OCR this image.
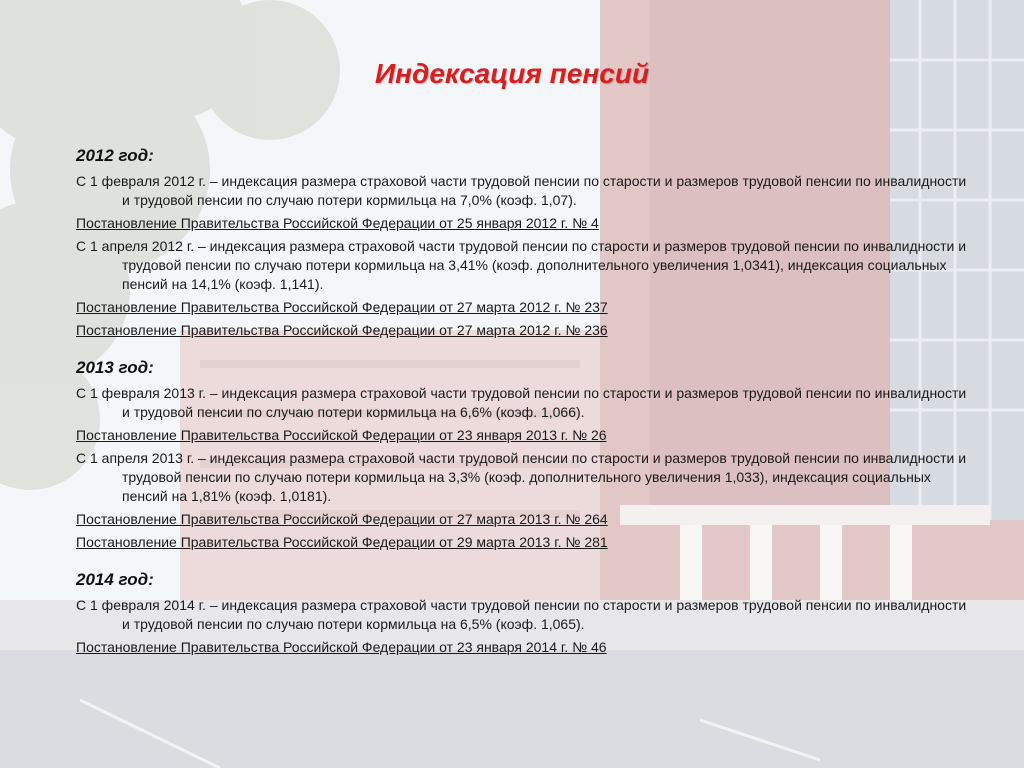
Индексация пенсий
2012 год:
С 1 февраля 2012 г. – индексация размера страховой части трудовой пенсии по старости и размеров трудовой пенсии по инвалидности и трудовой пенсии по случаю потери кормильца на 7,0% (коэф. 1,07).
Постановление Правительства Российской Федерации от 25 января 2012 г. № 4
С 1 апреля 2012 г. – индексация размера страховой части трудовой пенсии по старости и размеров трудовой пенсии по инвалидности и трудовой пенсии по случаю потери кормильца на 3,41% (коэф. дополнительного увеличения 1,0341), индексация социальных пенсий на 14,1% (коэф. 1,141).
Постановление Правительства Российской Федерации от 27 марта 2012 г. № 237
Постановление Правительства Российской Федерации от 27 марта 2012 г. № 236
2013 год:
С 1 февраля 2013 г. – индексация размера страховой части трудовой пенсии по старости и размеров трудовой пенсии по инвалидности и трудовой пенсии по случаю потери кормильца на 6,6% (коэф. 1,066).
Постановление Правительства Российской Федерации от 23 января 2013 г. № 26
С 1 апреля 2013 г. – индексация размера страховой части трудовой пенсии по старости и размеров трудовой пенсии по инвалидности и трудовой пенсии по случаю потери кормильца на 3,3% (коэф. дополнительного увеличения 1,033), индексация социальных пенсий на 1,81% (коэф. 1,0181).
Постановление Правительства Российской Федерации от 27 марта 2013 г. № 264
Постановление Правительства Российской Федерации от 29 марта 2013 г. № 281
2014 год:
С 1 февраля 2014 г. – индексация размера страховой части трудовой пенсии по старости и размеров трудовой пенсии по инвалидности и трудовой пенсии по случаю потери кормильца на 6,5% (коэф. 1,065).
Постановление Правительства Российской Федерации от 23 января 2014 г. № 46
